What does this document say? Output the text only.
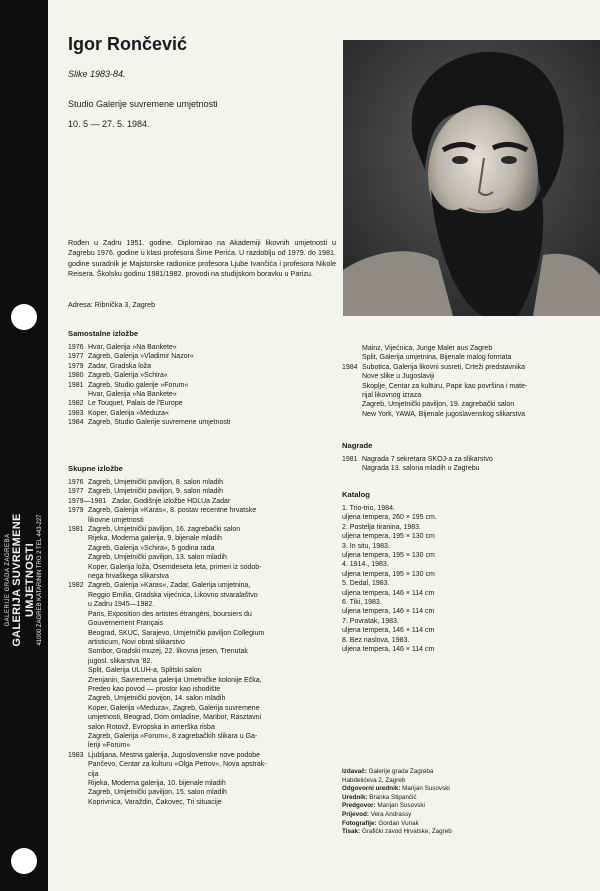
GALERIJE GRADA ZAGREBA GALERIJA SUVREMENE UMJETNOSTI 41000 ZAGREB KATARININ TRG 2 TEL 443-227
Igor Rončević
Slike 1983-84.
Studio Galerije suvremene umjetnosti
10. 5 — 27. 5. 1984.
Rođen u Zadru 1951. godine. Diplomirao na Akademiji likovnih umjetnosti u Zagrebu 1976. godine u klasi profesora Šime Perića. U razdoblju od 1979. do 1981. godine suradnik je Majstorske radionice profesora Ljube Ivančića i profesora Nikole Reisera. Školsku godinu 1981/1982. provodi na studijskom boravku u Parizu.
Adresa: Ribnička 3, Zagreb
Samostalne izložbe
1976 Hvar, Galerija »Na Bankete«
1977 Zagreb, Galerija »Vladimir Nazor«
1979 Zadar, Gradska loža
1980 Zagreb, Galerija »Schira«
1981 Zagreb, Studio galerije »Forum«
Hvar, Galerija »Na Bankete«
1982 Le Touquet, Palais de l'Europe
1983 Koper, Galerija »Meduza«
1984 Zagreb, Studio Galerije suvremene umjetnosti
Skupne izložbe
1976 Zagreb, Umjetnički paviljon, 8. salon mladih
1977 Zagreb, Umjetnički paviljon, 9. salon mladih
1979—1981 Zadar, Godišnje izložbe HDLUa Zadar
1979 Zagreb, Galerija »Karas«, 8. postav recentne hrvatske
likovne umjetnosti
1981 Zagreb, Umjetnički paviljon, 16. zagrebački salon
Rijeka, Moderna galerija, 9. bijenale mladih
Zagreb, Galerija »Schira«, 5 godina rada
Zagreb, Umjetnički paviljon, 13. salon mladih
Koper, Galerija loža, Osemdeseta leta, primeri iz sodob-
nega hrvaškega slikarstva
1982 Zagreb, Galerija »Karas«, Zadar, Galerija umjetnina,
Reggio Emilia, Gradska vijećnica, Likovno stvaralaštvo
u Zadru 1945—1982.
Paris, Exposition des artistes étrangèrs, boursiers du
Gouvernement Français
Beograd, SKUC, Sarajevo, Umjetnički paviljon Collegium
artisticum, Novi obrat slikarstvo
Sombor, Gradski muzej, 22. likovna jesen, Trenutak
jugosl. slikarstva '82.
Split, Galerija ULUH-a, Splitski salon
Zrenjanin, Savremena galerija Umetničke kolonije Ečka,
Predeo kao povod — prostor kao ishodište
Zagreb, Umjetnički povijon, 14. salon mladih
Koper, Galerija »Meduza«, Zagreb, Galerija suvremene
umjetnosti, Beograd, Dom omladine, Maribor, Rasztavni
salon Rotovž, Evropska in amerška risba
Zagreb, Galerija »Forum«, 8 zagrebačkih slikara u Ga-
leriji »Forum«
1983 Ljubljana, Mestna galerija, Jugoslovenske nove podobe
Pančevo, Centar za kulturu »Olga Petrov«, Nova apstrak-
cija
Rijeka, Moderna galerija, 10. bijenale mladih
Zagreb, Umjetnički paviljon, 15. salon mladih
Koprivnica, Varaždin, Čakovec, Tri situacije
Mainz, Vijećnica, Junge Maler aus Zagreb
Split, Galerija umjetnina, Bijenale malog formata
1984 Subotica, Galerija likovni susreti, Crteži predstavnika
Nove slike u Jugoslaviji
Skoplje, Centar za kulturu, Papir kao površina i mate-
rijal likovnog izraza
Zagreb, Umjetnički paviljon, 19. zagrebački salon
New York, YAWA, Bijenale jugoslavenskog slikarstva
Nagrade
1981 Nagrada 7 sekretara SKOJ-a za slikarstvo
Nagrada 13. salona mladih u Zagrebu
Katalog
1. Trio-trio, 1984.
uljena tempera, 260 × 195 cm.
2. Postelja tiranina, 1983.
uljena tempera, 195 × 130 cm
3. In situ, 1983.
uljena tempera, 195 × 130 cm
4. 1914., 1983.
uljena tempera, 195 × 130 cm
5. Dedal, 1983.
uljena tempera, 146 × 114 cm
6. Tiki, 1983.
uljena tempera, 146 × 114 cm
7. Povratak, 1983.
uljena tempera, 146 × 114 cm
8. Bez naslova, 1983.
uljena tempera, 146 × 114 cm
Izdavač: Galerije grada Zagreba
Habdelićeva 2, Zagreb
Odgovorni urednik: Marijan Susovski
Urednik: Branka Stipančić
Predgovor: Marijan Susovski
Prijevod: Vera Andrassy
Fotografije: Gordan Vunak
Tisak: Grafički zavod Hrvatske, Zagreb
